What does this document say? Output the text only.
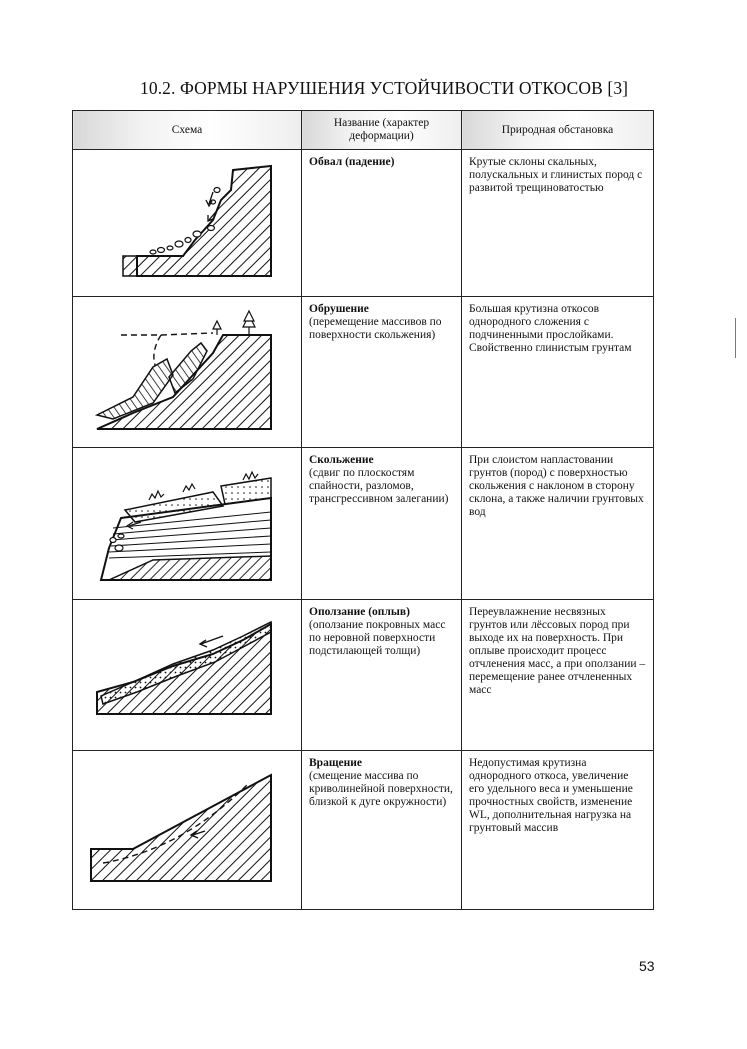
10.2. ФОРМЫ НАРУШЕНИЯ УСТОЙЧИВОСТИ ОТКОСОВ [3]
Схема	Название (характер деформации)	Природная обстановка

Обвал (падение)	Крутые склоны скальных, полускальных и глинистых пород с развитой трещиноватостью

Обрушение
(перемещение массивов по поверхности скольжения)	Большая крутизна откосов однородного сложения с подчиненными прослойками. Свойственно глинистым грунтам

Скольжение
(сдвиг по плоскостям спайности, разломов, трансгрессивном залегании)	При слоистом напластовании грунтов (пород) с поверхностью скольжения с наклоном в сторону склона, а также наличии грунтовых вод

Оползание (оплыв)
(оползание покровных масс по неровной поверхности подстилающей толщи)	Переувлажнение несвязных грунтов или лёссовых пород при выходе их на поверхность. При оплыве происходит процесс отчленения масс, а при оползании – перемещение ранее отчлененных масс

Вращение
(смещение массива по криволинейной поверхности, близкой к дуге окружности)	Недопустимая крутизна однородного откоса, увеличение его удельного веса и уменьшение прочностных свойств, изменение WL, дополнительная нагрузка на грунтовый массив
53
